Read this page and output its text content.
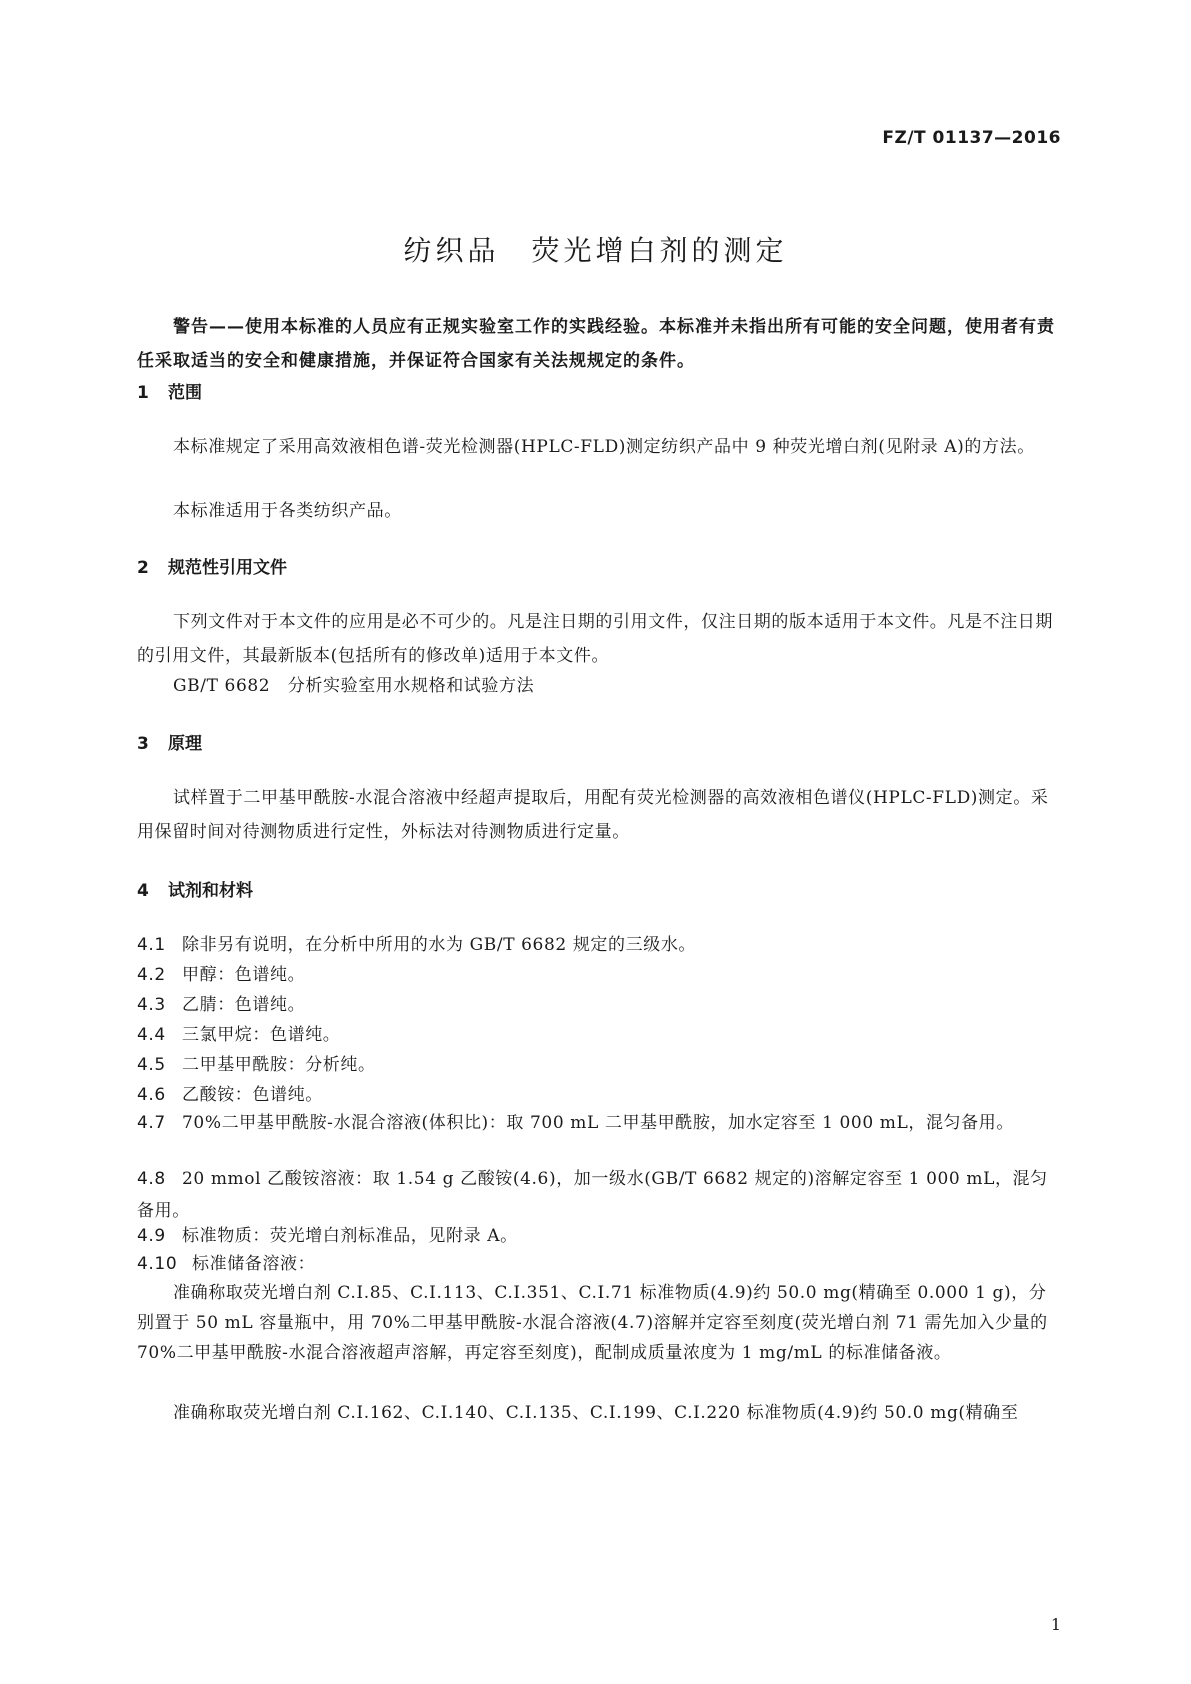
FZ/T 01137—2016
纺织品　荧光增白剂的测定
警告——使用本标准的人员应有正规实验室工作的实践经验。本标准并未指出所有可能的安全问题，使用者有责任采取适当的安全和健康措施，并保证符合国家有关法规规定的条件。
1 范围
本标准规定了采用高效液相色谱-荧光检测器(HPLC-FLD)测定纺织产品中 9 种荧光增白剂(见附录 A)的方法。
本标准适用于各类纺织产品。
2 规范性引用文件
下列文件对于本文件的应用是必不可少的。凡是注日期的引用文件，仅注日期的版本适用于本文件。凡是不注日期的引用文件，其最新版本(包括所有的修改单)适用于本文件。
GB/T 6682　分析实验室用水规格和试验方法
3 原理
试样置于二甲基甲酰胺-水混合溶液中经超声提取后，用配有荧光检测器的高效液相色谱仪(HPLC-FLD)测定。采用保留时间对待测物质进行定性，外标法对待测物质进行定量。
4 试剂和材料
4.1 除非另有说明，在分析中所用的水为 GB/T 6682 规定的三级水。
4.2 甲醇：色谱纯。
4.3 乙腈：色谱纯。
4.4 三氯甲烷：色谱纯。
4.5 二甲基甲酰胺：分析纯。
4.6 乙酸铵：色谱纯。
4.7 70%二甲基甲酰胺-水混合溶液(体积比)：取 700 mL 二甲基甲酰胺，加水定容至 1 000 mL，混匀备用。
4.8 20 mmol 乙酸铵溶液：取 1.54 g 乙酸铵(4.6)，加一级水(GB/T 6682 规定的)溶解定容至 1 000 mL，混匀备用。
4.9 标准物质：荧光增白剂标准品，见附录 A。
4.10 标准储备溶液：
准确称取荧光增白剂 C.I.85、C.I.113、C.I.351、C.I.71 标准物质(4.9)约 50.0 mg(精确至 0.000 1 g)，分别置于 50 mL 容量瓶中，用 70%二甲基甲酰胺-水混合溶液(4.7)溶解并定容至刻度(荧光增白剂 71 需先加入少量的 70%二甲基甲酰胺-水混合溶液超声溶解，再定容至刻度)，配制成质量浓度为 1 mg/mL 的标准储备液。
准确称取荧光增白剂 C.I.162、C.I.140、C.I.135、C.I.199、C.I.220 标准物质(4.9)约 50.0 mg(精确至
1
